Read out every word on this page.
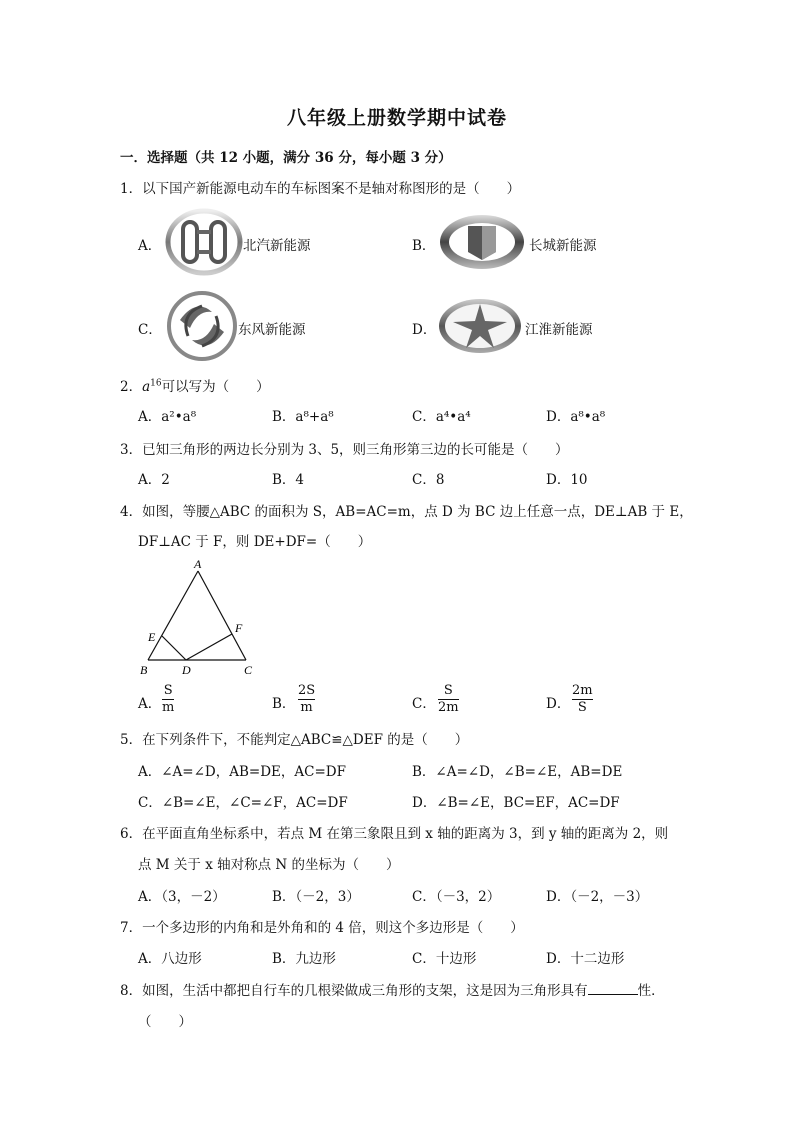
八年级上册数学期中试卷
一．选择题（共 12 小题，满分 36 分，每小题 3 分）
1．以下国产新能源电动车的车标图案不是轴对称图形的是（　　）
A．	北汽新能源	B．	长城新能源
C．	东风新能源	D．	江淮新能源
2．$a^{16}$可以写为（　　）
A．a²•a⁸	B．a⁸+a⁸	C．a⁴•a⁴	D．a⁸•a⁸
3．已知三角形的两边长分别为 3、5，则三角形第三边的长可能是（　　）
A．2	B．4	C．8	D．10
4．如图，等腰△ABC 的面积为 S，AB=AC=m，点 D 为 BC 边上任意一点，DE⊥AB 于 E，
DF⊥AC 于 F，则 DE+DF=（　　）
A
B	C
D
E
F
A．
S
m	B．
2S
m	C．
S
2m	D．
2m
S
5．在下列条件下，不能判定△ABC≌△DEF 的是（　　）
A．∠A=∠D，AB=DE，AC=DF	B．∠A=∠D，∠B=∠E，AB=DE
C．∠B=∠E，∠C=∠F，AC=DF	D．∠B=∠E，BC=EF，AC=DF
6．在平面直角坐标系中，若点 M 在第三象限且到 x 轴的距离为 3，到 y 轴的距离为 2，则
点 M 关于 x 轴对称点 N 的坐标为（　　）
A．（3，－2）	B．（－2，3）	C．（－3，2）	D．（－2，－3）
7．一个多边形的内角和是外角和的 4 倍，则这个多边形是（　　）
A．八边形	B．九边形	C．十边形	D．十二边形
8．如图，生活中都把自行车的几根梁做成三角形的支架，这是因为三角形具有	性．
（　　）
